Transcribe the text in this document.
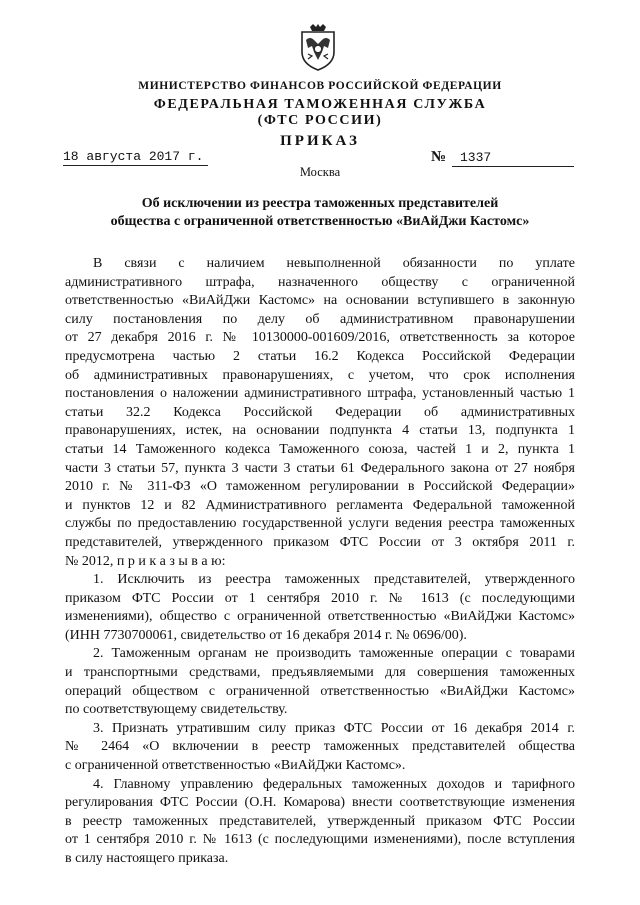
МИНИСТЕРСТВО ФИНАНСОВ РОССИЙСКОЙ ФЕДЕРАЦИИ
ФЕДЕРАЛЬНАЯ ТАМОЖЕННАЯ СЛУЖБА
(ФТС РОССИИ)
ПРИКАЗ
18 августа 2017 г.	№ 1337
Москва
Об исключении из реестра таможенных представителей
общества с ограниченной ответственностью «ВиАйДжи Кастомс»

В связи с наличием невыполненной обязанности по уплате

административного штрафа, назначенного обществу с ограниченной

ответственностью «ВиАйДжи Кастомс» на основании вступившего в законную

силу постановления по делу об административном правонарушении

от 27 декабря 2016 г. № 10130000-001609/2016, ответственность за которое

предусмотрена частью 2 статьи 16.2 Кодекса Российской Федерации

об административных правонарушениях, с учетом, что срок исполнения

постановления о наложении административного штрафа, установленный частью 1

статьи 32.2 Кодекса Российской Федерации об административных

правонарушениях, истек, на основании подпункта 4 статьи 13, подпункта 1

статьи 14 Таможенного кодекса Таможенного союза, частей 1 и 2, пункта 1

части 3 статьи 57, пункта 3 части 3 статьи 61 Федерального закона от 27 ноября

2010 г. № 311-ФЗ «О таможенном регулировании в Российской Федерации»

и пунктов 12 и 82 Административного регламента Федеральной таможенной

службы по предоставлению государственной услуги ведения реестра таможенных

представителей, утвержденного приказом ФТС России от 3 октября 2011 г.

№ 2012, п р и к а з ы в а ю:

1. Исключить из реестра таможенных представителей, утвержденного

приказом ФТС России от 1 сентября 2010 г. № 1613 (с последующими

изменениями), общество с ограниченной ответственностью «ВиАйДжи Кастомс»

(ИНН 7730700061, свидетельство от 16 декабря 2014 г. № 0696/00).

2. Таможенным органам не производить таможенные операции с товарами

и транспортными средствами, предъявляемыми для совершения таможенных

операций обществом с ограниченной ответственностью «ВиАйДжи Кастомс»

по соответствующему свидетельству.

3. Признать утратившим силу приказ ФТС России от 16 декабря 2014 г.

№ 2464 «О включении в реестр таможенных представителей общества

с ограниченной ответственностью «ВиАйДжи Кастомс».

4. Главному управлению федеральных таможенных доходов и тарифного

регулирования ФТС России (О.Н. Комарова) внести соответствующие изменения

в реестр таможенных представителей, утвержденный приказом ФТС России

от 1 сентября 2010 г. № 1613 (с последующими изменениями), после вступления

в силу настоящего приказа.
